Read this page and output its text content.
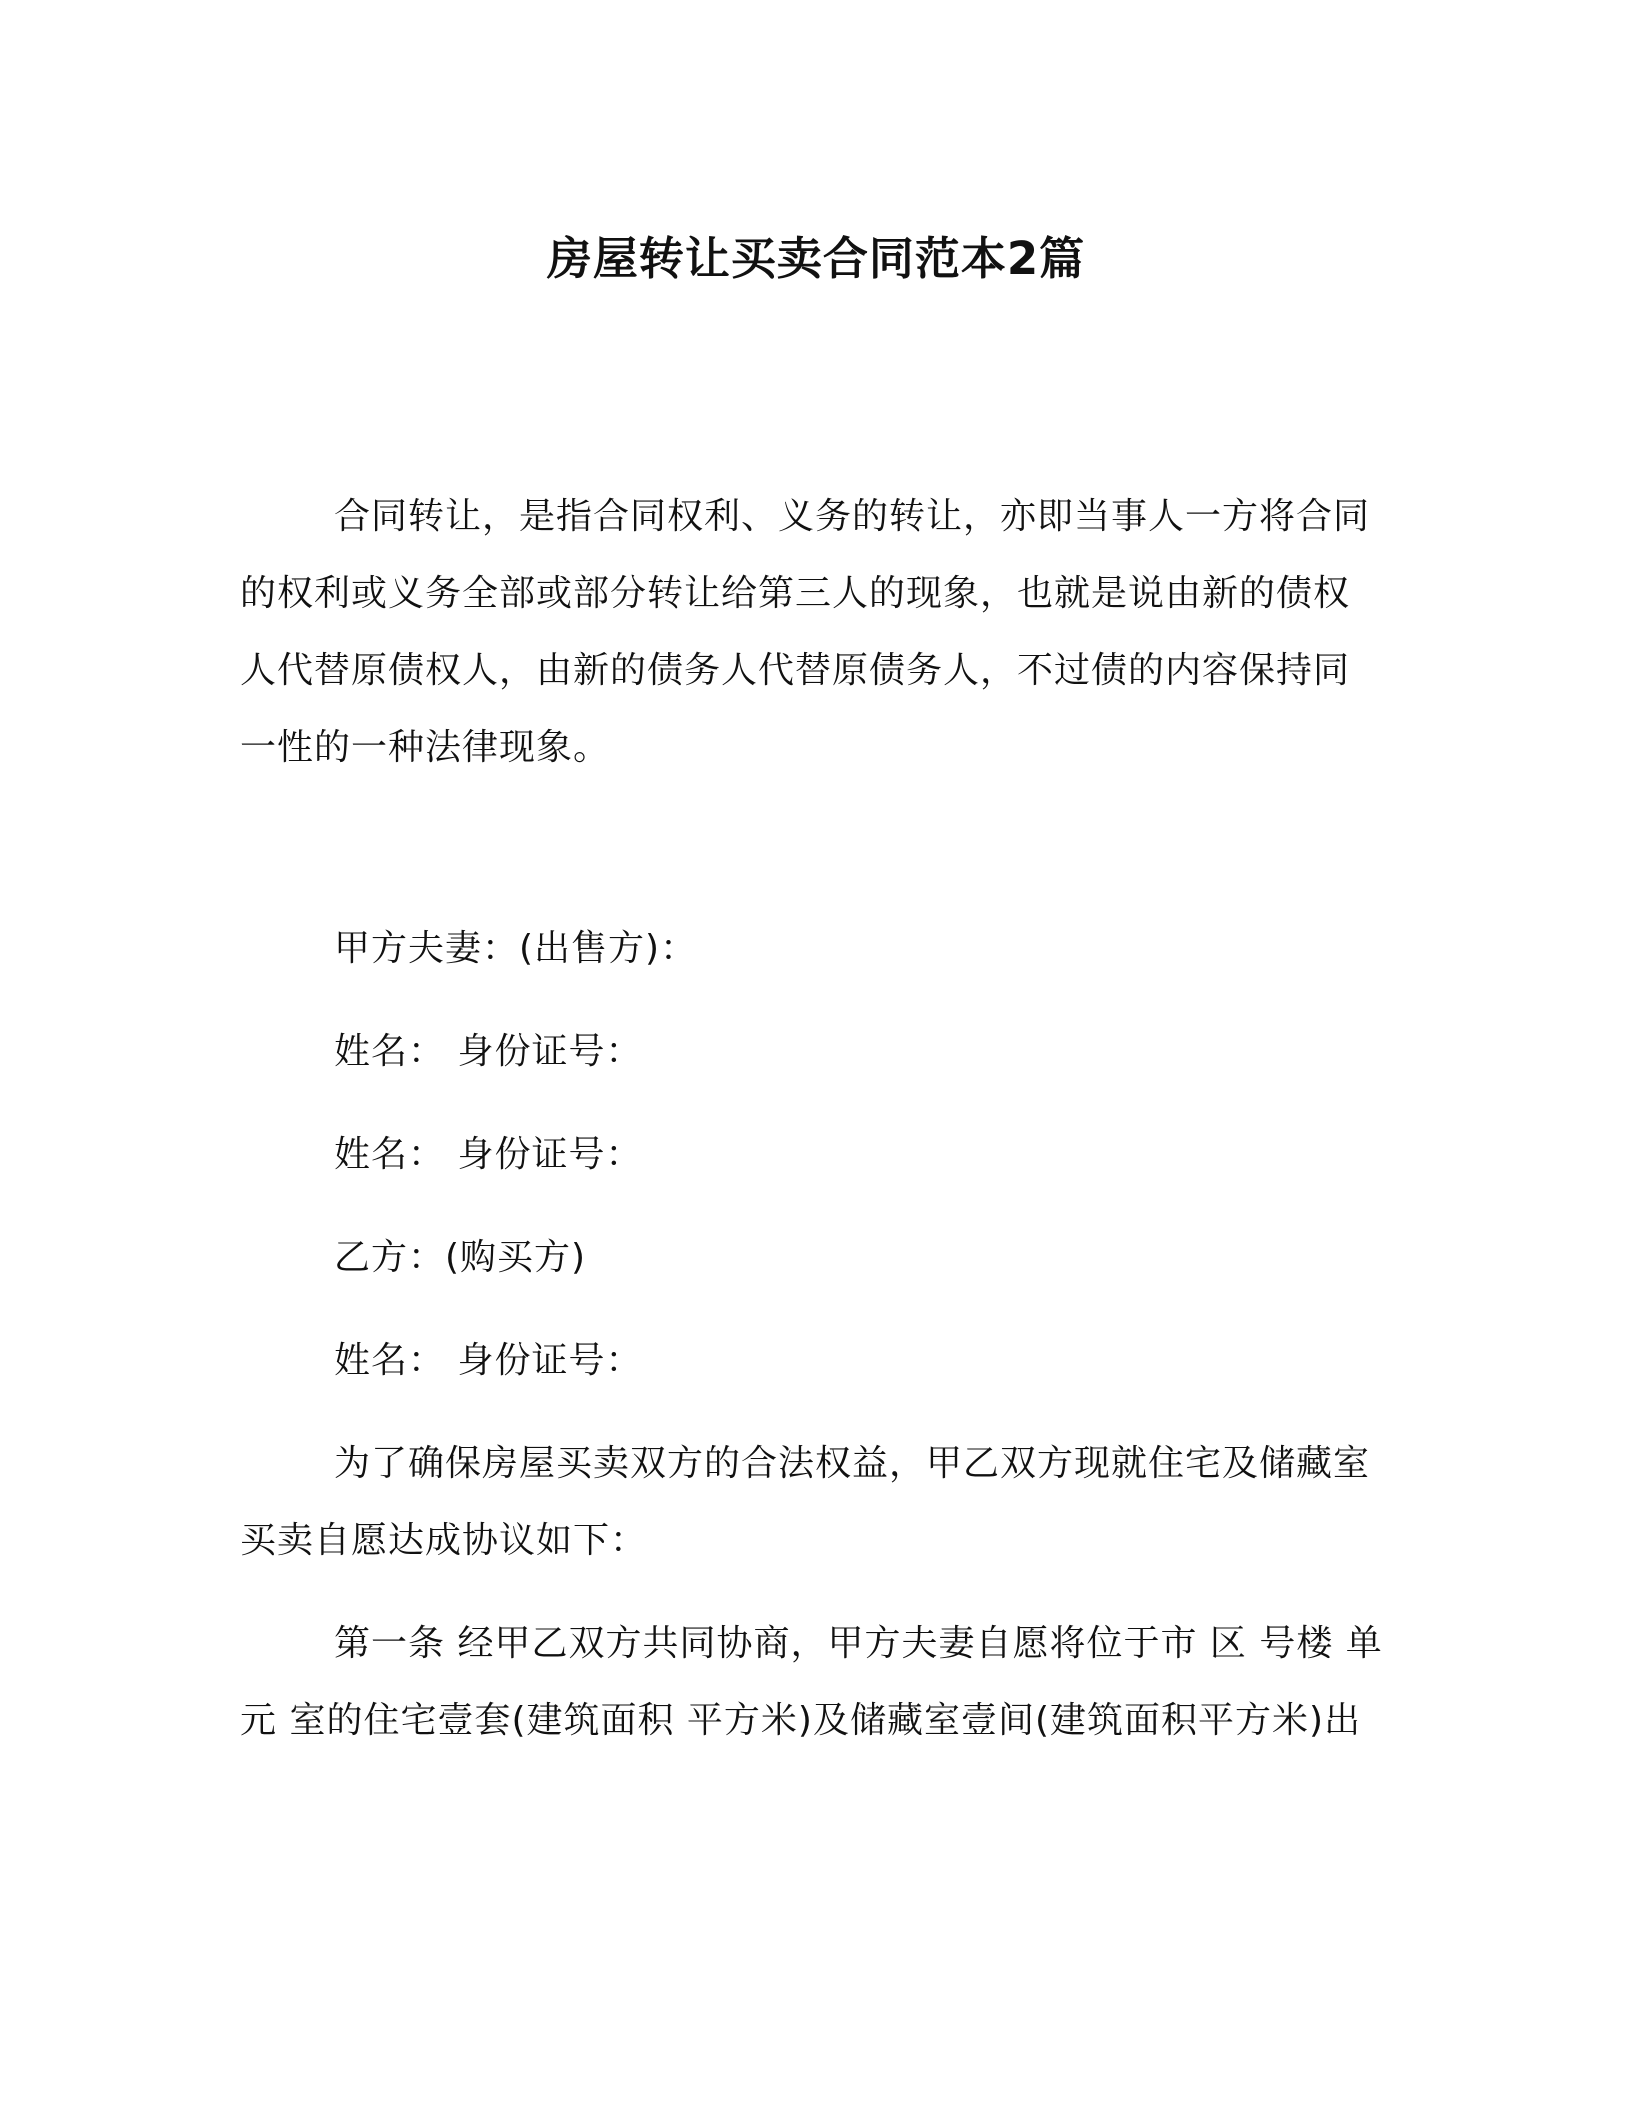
房屋转让买卖合同范本2篇
合同转让，是指合同权利、义务的转让，亦即当事人一方将合同
的权利或义务全部或部分转让给第三人的现象，也就是说由新的债权
人代替原债权人，由新的债务人代替原债务人，不过债的内容保持同
一性的一种法律现象。
甲方夫妻：(出售方)：
姓名： 身份证号：
姓名： 身份证号：
乙方：(购买方)
姓名： 身份证号：
为了确保房屋买卖双方的合法权益，甲乙双方现就住宅及储藏室
买卖自愿达成协议如下：
第一条 经甲乙双方共同协商，甲方夫妻自愿将位于市 区 号楼 单
元 室的住宅壹套(建筑面积 平方米)及储藏室壹间(建筑面积平方米)出
